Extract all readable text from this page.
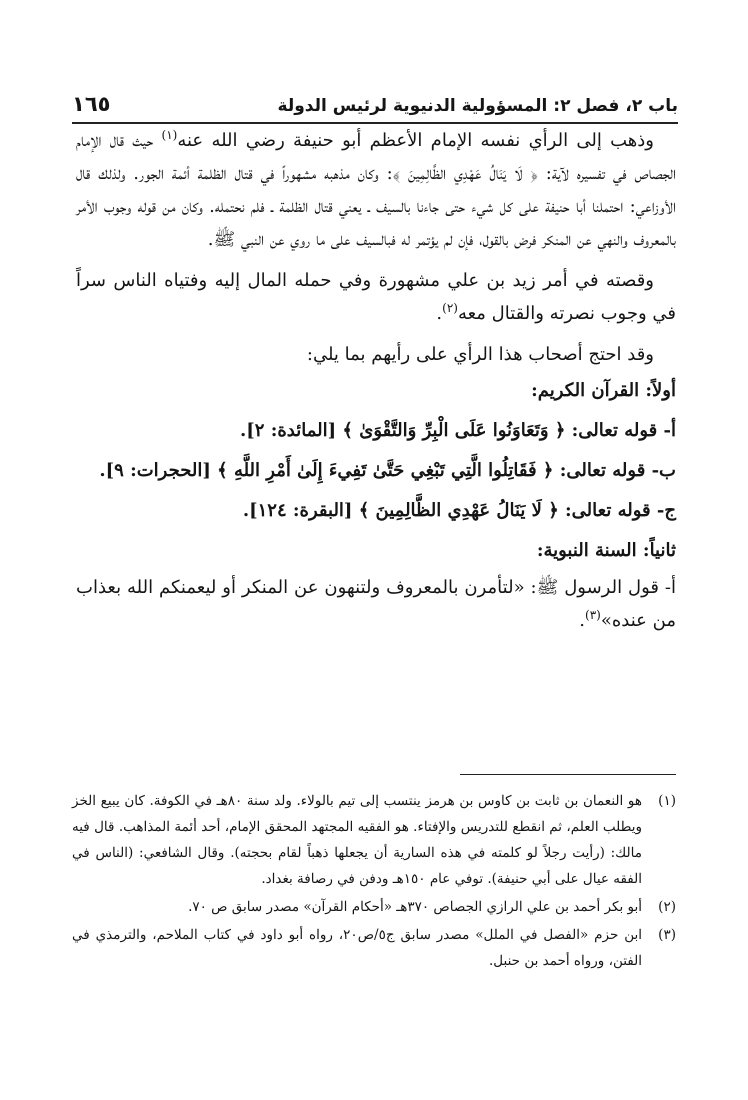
باب ٢، فصل ٢: المسؤولية الدنيوية لرئيس الدولة
١٦٥

وذهب إلى الرأي نفسه الإمام الأعظم أبو حنيفة رضي الله عنه$^{(١)}$ حيث قال الإمام الجصاص في تفسيره لآية: ﴿ لَا يَنَالُ عَهْدِي الظَّالِمِينَ ﴾: وكان مذهبه مشهوراً في قتال الظلمة أئمة الجور. ولذلك قال الأوزاعي: احتملنا أبا حنيفة على كل شيء حتى جاءنا بالسيف ـ يعني قتال الظلمة ـ فلم نحتمله. وكان من قوله وجوب الأمر بالمعروف والنهي عن المنكر فرض بالقول، فإن لم يؤتمر له فبالسيف على ما روي عن النبي ﷺ.

وقصته في أمر زيد بن علي مشهورة وفي حمله المال إليه وفتياه الناس سراً في وجوب نصرته والقتال معه$^{(٢)}$.

وقد احتج أصحاب هذا الرأي على رأيهم بما يلي:

أولاً: القرآن الكريم:

أ- قوله تعالى: ﴿ وَتَعَاوَنُوا عَلَى الْبِرِّ وَالتَّقْوَىٰ ﴾ [المائدة: ٢].

ب- قوله تعالى: ﴿ فَقَاتِلُوا الَّتِي تَبْغِي حَتَّىٰ تَفِيءَ إِلَىٰ أَمْرِ اللَّهِ ﴾ [الحجرات: ٩].

ج- قوله تعالى: ﴿ لَا يَنَالُ عَهْدِي الظَّالِمِينَ ﴾ [البقرة: ١٢٤].

ثانياً: السنة النبوية:

أ- قول الرسول ﷺ: «لتأمرن بالمعروف ولتنهون عن المنكر أو ليعمنكم الله بعذاب من عنده»$^{(٣)}$.

(١)
هو النعمان بن ثابت بن كاوس بن هرمز ينتسب إلى تيم بالولاء. ولد سنة ٨٠هـ في الكوفة. كان يبيع الخز ويطلب العلم، ثم انقطع للتدريس والإفتاء. هو الفقيه المجتهد المحقق الإمام، أحد أئمة المذاهب. قال فيه مالك: (رأيت رجلاً لو كلمته في هذه السارية أن يجعلها ذهباً لقام بحجته). وقال الشافعي: (الناس في الفقه عيال على أبي حنيفة). توفي عام ١٥٠هـ ودفن في رصافة بغداد.
(٢)
أبو بكر أحمد بن علي الرازي الجصاص ٣٧٠هـ «أحكام القرآن» مصدر سابق ص ٧٠.
(٣)
ابن حزم «الفصل في الملل» مصدر سابق ج٥/ص٢٠، رواه أبو داود في كتاب الملاحم، والترمذي في الفتن، ورواه أحمد بن حنبل.
